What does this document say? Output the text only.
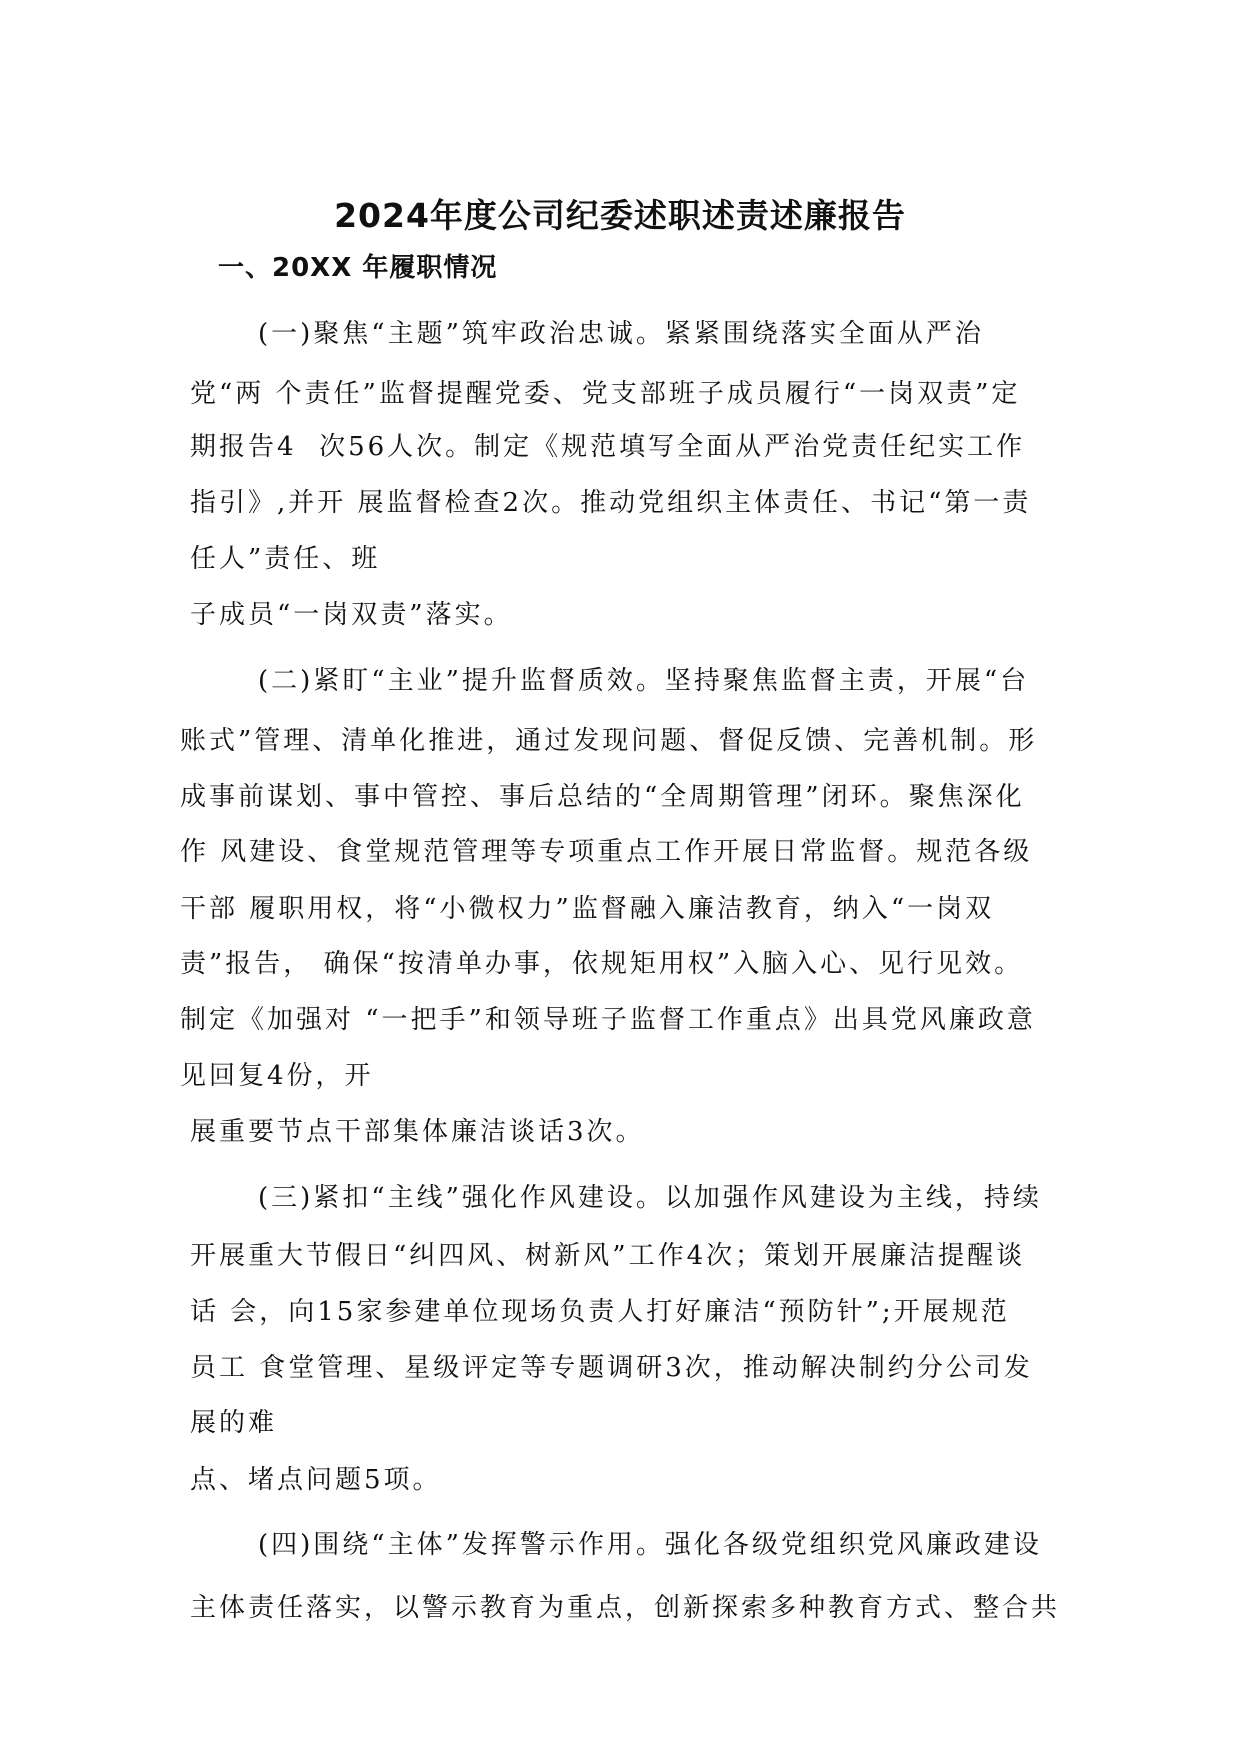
2024年度公司纪委述职述责述廉报告
一、20XX 年履职情况
(一)聚焦“主题”筑牢政治忠诚。紧紧围绕落实全面从严治
党“两 个责任”监督提醒党委、党支部班子成员履行“一岗双责”定
期报告4  次56人次。制定《规范填写全面从严治党责任纪实工作
指引》,并开 展监督检查2次。推动党组织主体责任、书记“第一责
任人”责任、班
子成员“一岗双责”落实。
(二)紧盯“主业”提升监督质效。坚持聚焦监督主责，开展“台
账式”管理、清单化推进，通过发现问题、督促反馈、完善机制。形
成事前谋划、事中管控、事后总结的“全周期管理”闭环。聚焦深化
作 风建设、食堂规范管理等专项重点工作开展日常监督。规范各级
干部 履职用权，将“小微权力”监督融入廉洁教育，纳入“一岗双
责”报告， 确保“按清单办事，依规矩用权”入脑入心、见行见效。
制定《加强对 “一把手”和领导班子监督工作重点》出具党风廉政意
见回复4份，开
展重要节点干部集体廉洁谈话3次。
(三)紧扣“主线”强化作风建设。以加强作风建设为主线，持续
开展重大节假日“纠四风、树新风”工作4次；策划开展廉洁提醒谈
话 会，向15家参建单位现场负责人打好廉洁“预防针”;开展规范
员工 食堂管理、星级评定等专题调研3次，推动解决制约分公司发
展的难
点、堵点问题5项。
(四)围绕“主体”发挥警示作用。强化各级党组织党风廉政建设
主体责任落实，以警示教育为重点，创新探索多种教育方式、整合共
